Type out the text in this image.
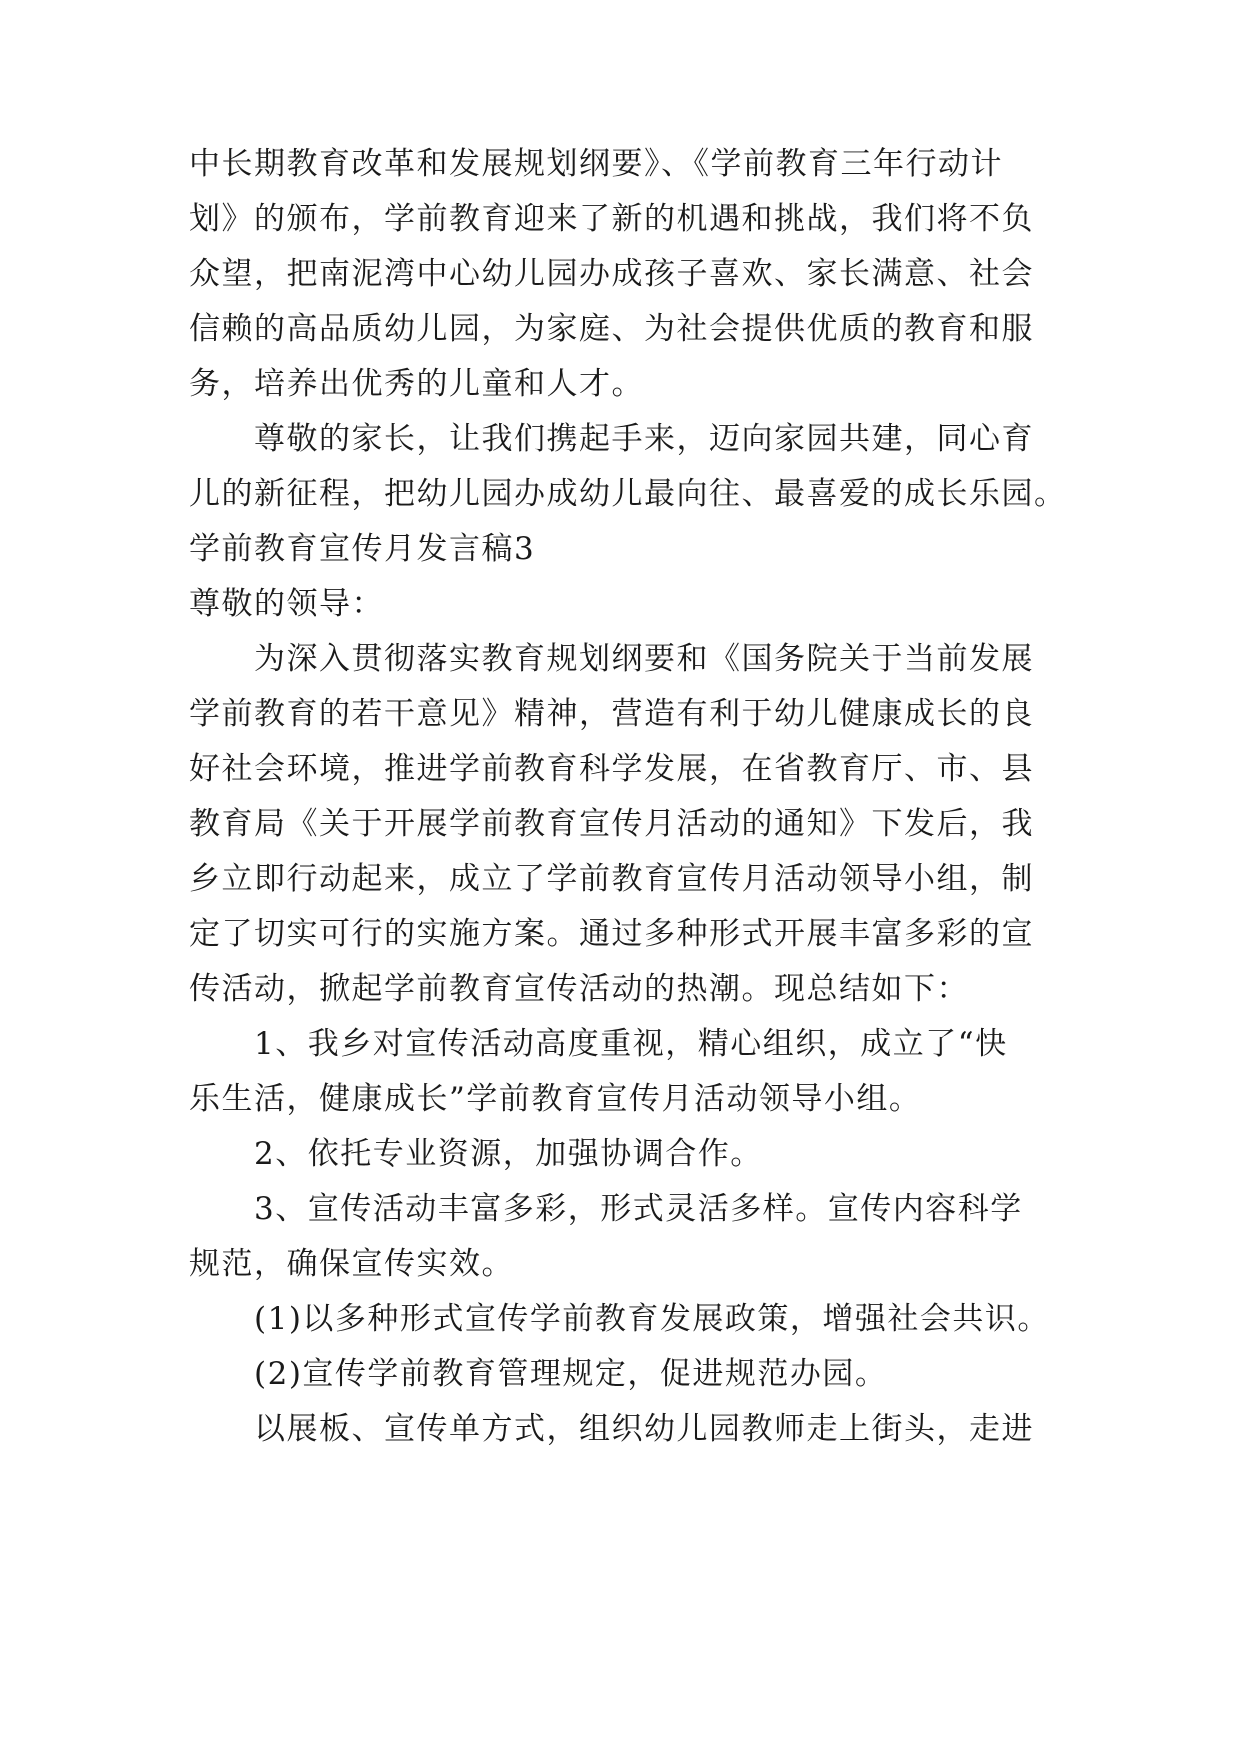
中长期教育改革和发展规划纲要》、《学前教育三年行动计
划》的颁布，学前教育迎来了新的机遇和挑战，我们将不负
众望，把南泥湾中心幼儿园办成孩子喜欢、家长满意、社会
信赖的高品质幼儿园，为家庭、为社会提供优质的教育和服
务，培养出优秀的儿童和人才。
　　尊敬的家长，让我们携起手来，迈向家园共建，同心育
儿的新征程，把幼儿园办成幼儿最向往、最喜爱的成长乐园。
学前教育宣传月发言稿3
尊敬的领导：
　　为深入贯彻落实教育规划纲要和《国务院关于当前发展
学前教育的若干意见》精神，营造有利于幼儿健康成长的良
好社会环境，推进学前教育科学发展，在省教育厅、市、县
教育局《关于开展学前教育宣传月活动的通知》下发后，我
乡立即行动起来，成立了学前教育宣传月活动领导小组，制
定了切实可行的实施方案。通过多种形式开展丰富多彩的宣
传活动，掀起学前教育宣传活动的热潮。现总结如下：
　　1、我乡对宣传活动高度重视，精心组织，成立了“快
乐生活，健康成长”学前教育宣传月活动领导小组。
　　2、依托专业资源，加强协调合作。
　　3、宣传活动丰富多彩，形式灵活多样。宣传内容科学
规范，确保宣传实效。
　　(1)以多种形式宣传学前教育发展政策，增强社会共识。
　　(2)宣传学前教育管理规定，促进规范办园。
　　以展板、宣传单方式，组织幼儿园教师走上街头，走进
